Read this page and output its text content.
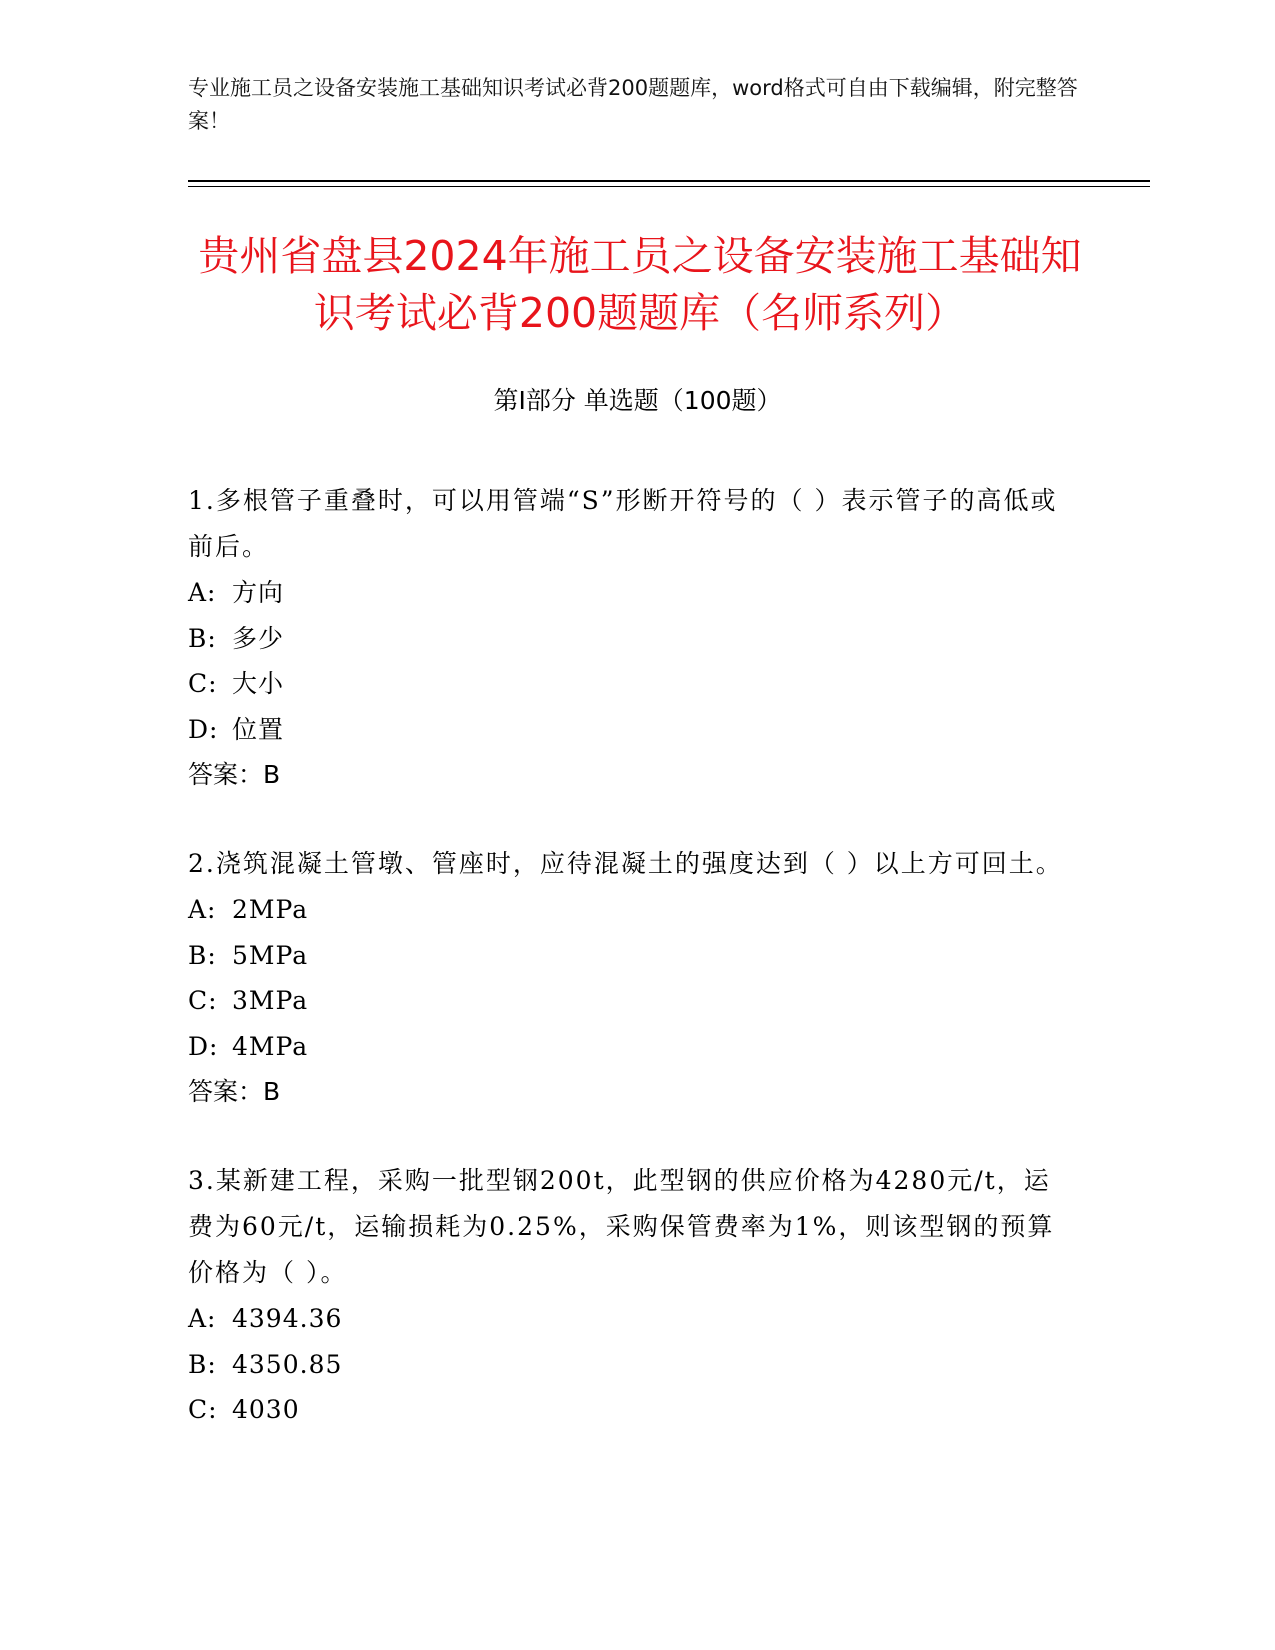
专业施工员之设备安装施工基础知识考试必背200题题库，word格式可自由下载编辑，附完整答案！
贵州省盘县2024年施工员之设备安装施工基础知识考试必背200题题库（名师系列）
第Ⅰ部分 单选题（100题）

1.多根管子重叠时，可以用管端“S”形断开符号的（ ）表示管子的高低或前后。

A: 方向

B: 多少

C: 大小

D: 位置

答案：B

2.浇筑混凝土管墩、管座时，应待混凝土的强度达到（ ）以上方可回土。

A: 2MPa

B: 5MPa

C: 3MPa

D: 4MPa

答案：B

3.某新建工程，采购一批型钢200t，此型钢的供应价格为4280元/t，运费为60元/t，运输损耗为0.25%，采购保管费率为1%，则该型钢的预算价格为（ ）。

A: 4394.36

B: 4350.85

C: 4030
